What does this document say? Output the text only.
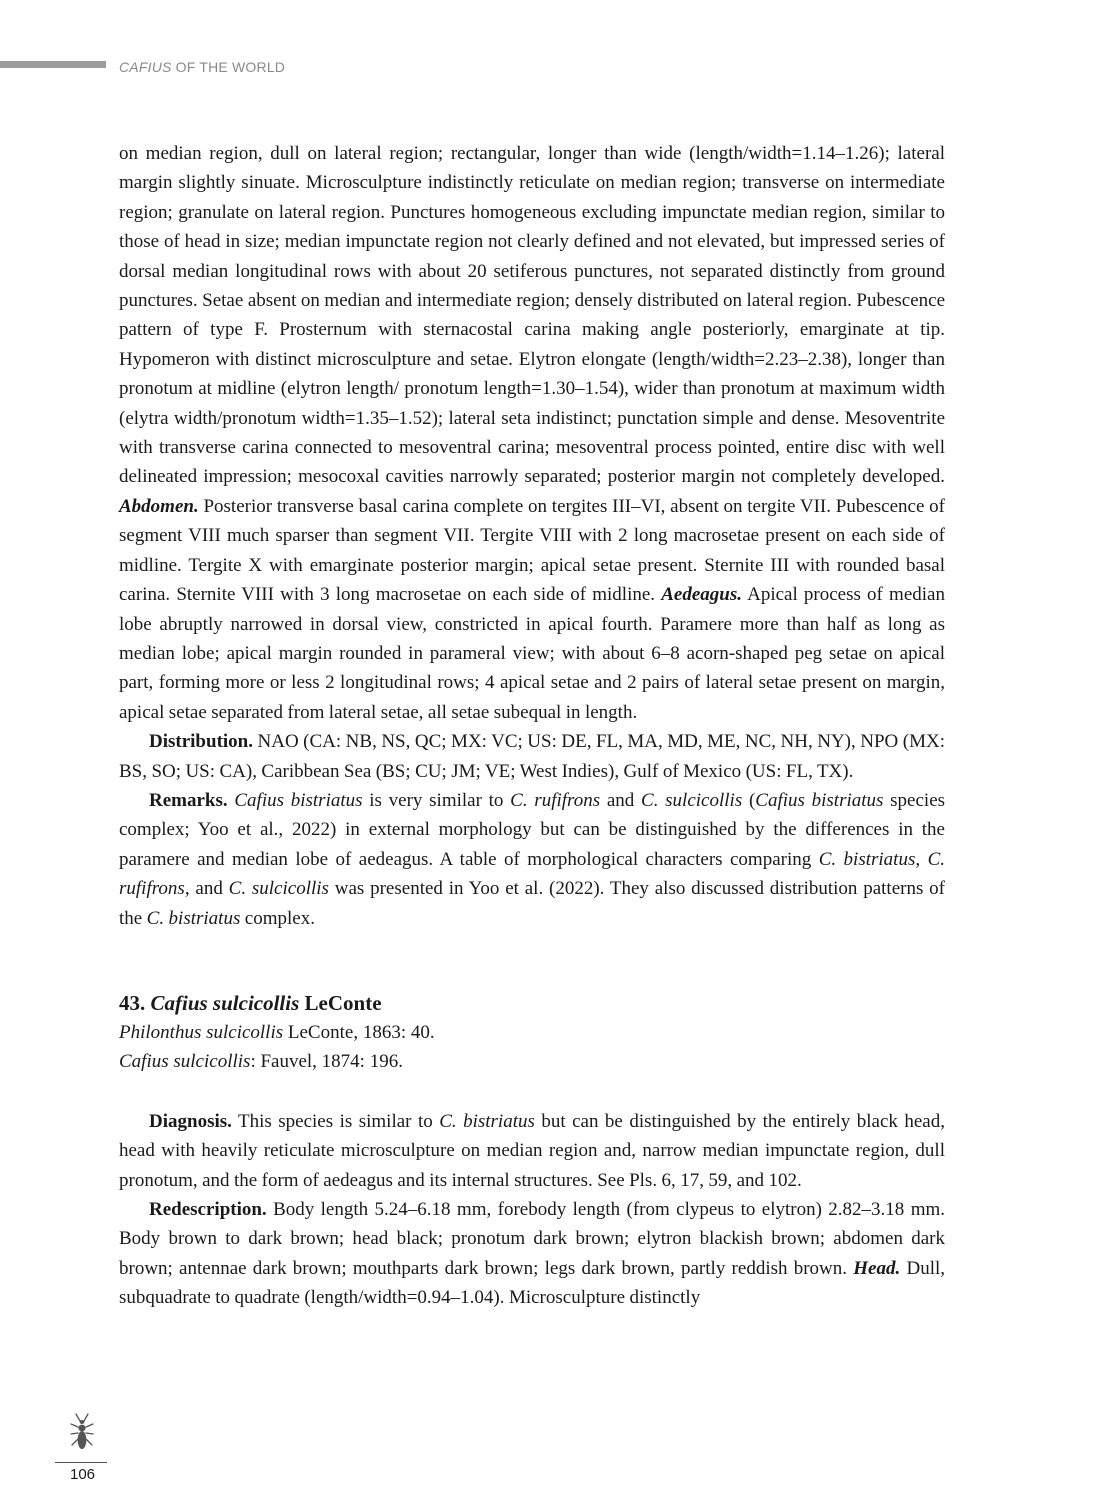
CAFIUS OF THE WORLD

on median region, dull on lateral region; rectangular, longer than wide (length/width=1.14–1.26); lateral margin slightly sinuate. Microsculpture indistinctly reticulate on median region; transverse on intermediate region; granulate on lateral region. Punctures homogeneous excluding impunctate median region, similar to those of head in size; median impunctate region not clearly defined and not elevated, but impressed series of dorsal median longitudinal rows with about 20 setiferous punctures, not separated distinctly from ground punctures. Setae absent on median and intermediate region; densely distributed on lateral region. Pubescence pattern of type F. Prosternum with sternacostal carina making angle posteriorly, emarginate at tip. Hypomeron with distinct microsculpture and setae. Elytron elongate (length/width=2.23–2.38), longer than pronotum at midline (elytron length/ pronotum length=1.30–1.54), wider than pronotum at maximum width (elytra width/pronotum width=1.35–1.52); lateral seta indistinct; punctation simple and dense. Mesoventrite with transverse carina connected to mesoventral carina; mesoventral process pointed, entire disc with well delineated impression; mesocoxal cavities narrowly separated; posterior margin not completely developed. Abdomen. Posterior transverse basal carina complete on tergites III–VI, absent on tergite VII. Pubescence of segment VIII much sparser than segment VII. Tergite VIII with 2 long macrosetae present on each side of midline. Tergite X with emarginate posterior margin; apical setae present. Sternite III with rounded basal carina. Sternite VIII with 3 long macrosetae on each side of midline. Aedeagus. Apical process of median lobe abruptly narrowed in dorsal view, constricted in apical fourth. Paramere more than half as long as median lobe; apical margin rounded in parameral view; with about 6–8 acorn-shaped peg setae on apical part, forming more or less 2 longitudinal rows; 4 apical setae and 2 pairs of lateral setae present on margin, apical setae separated from lateral setae, all setae subequal in length.

Distribution. NAO (CA: NB, NS, QC; MX: VC; US: DE, FL, MA, MD, ME, NC, NH, NY), NPO (MX: BS, SO; US: CA), Caribbean Sea (BS; CU; JM; VE; West Indies), Gulf of Mexico (US: FL, TX).

Remarks. Cafius bistriatus is very similar to C. rufifrons and C. sulcicollis (Cafius bistriatus species complex; Yoo et al., 2022) in external morphology but can be distinguished by the differences in the paramere and median lobe of aedeagus. A table of morphological characters comparing C. bistriatus, C. rufifrons, and C. sulcicollis was presented in Yoo et al. (2022). They also discussed distribution patterns of the C. bistriatus complex.

43. Cafius sulcicollis LeConte

Philonthus sulcicollis LeConte, 1863: 40.

Cafius sulcicollis: Fauvel, 1874: 196.

Diagnosis. This species is similar to C. bistriatus but can be distinguished by the entirely black head, head with heavily reticulate microsculpture on median region and, narrow median impunctate region, dull pronotum, and the form of aedeagus and its internal structures. See Pls. 6, 17, 59, and 102.

Redescription. Body length 5.24–6.18 mm, forebody length (from clypeus to elytron) 2.82–3.18 mm. Body brown to dark brown; head black; pronotum dark brown; elytron blackish brown; abdomen dark brown; antennae dark brown; mouthparts dark brown; legs dark brown, partly reddish brown. Head. Dull, subquadrate to quadrate (length/width=0.94–1.04). Microsculpture distinctly

106
